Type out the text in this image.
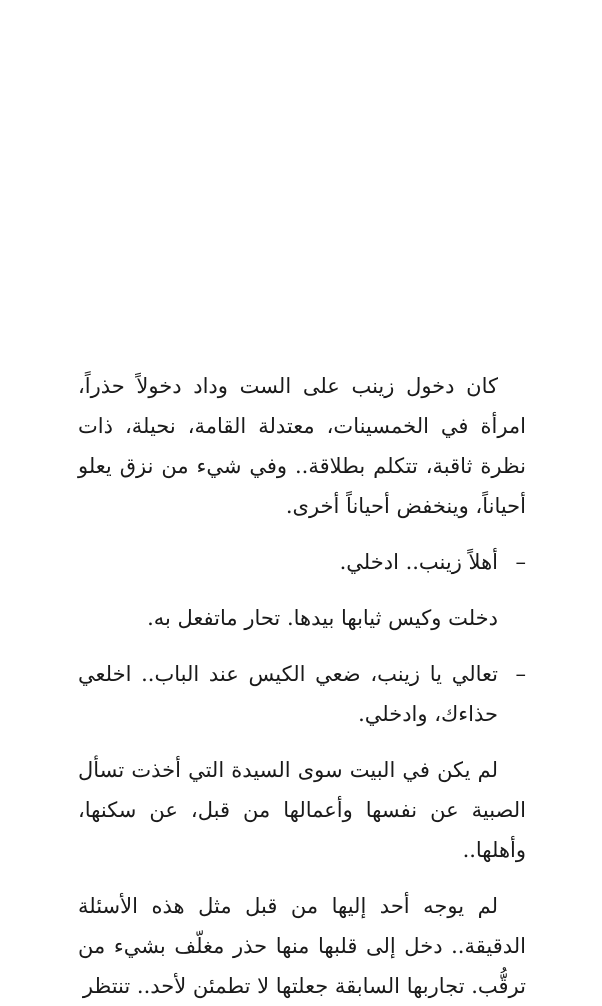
كان دخول زينب على الست وداد دخولاً حذراً، امرأة في الخمسينات، معتدلة القامة، نحيلة، ذات نظرة ثاقبة، تتكلم بطلاقة.. وفي شيء من نزق يعلو أحياناً، وينخفض أحياناً أخرى.

–
أهلاً زينب.. ادخلي.

دخلت وكيس ثيابها بيدها. تحار ماتفعل به.

–
تعالي يا زينب، ضعي الكيس عند الباب.. اخلعي حذاءك، وادخلي.

لم يكن في البيت سوى السيدة التي أخذت تسأل الصبية عن نفسها وأعمالها من قبل، عن سكنها، وأهلها..

لم يوجه أحد إليها من قبل مثل هذه الأسئلة الدقيقة.. دخل إلى قلبها منها حذر مغلّف بشيء من ترقُّب. تجاربها السابقة جعلتها لا تطمئن لأحد.. تنتظر
